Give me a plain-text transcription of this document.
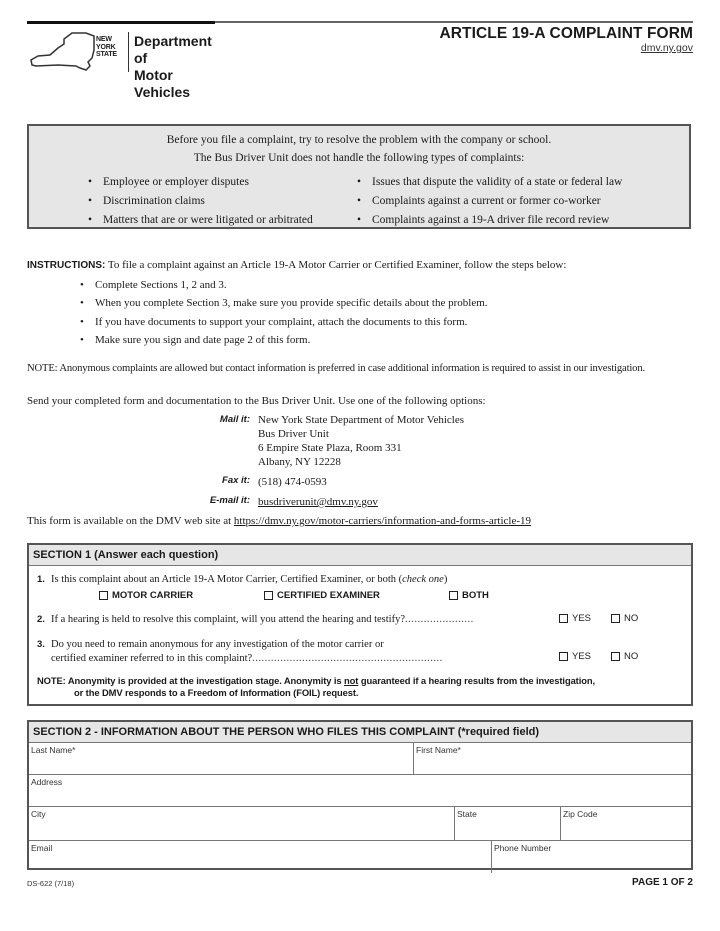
NEW
YORK
STATE
Department of
Motor Vehicles
ARTICLE 19-A COMPLAINT FORM
dmv.ny.gov
Before you file a complaint, try to resolve the problem with the company or school.
The Bus Driver Unit does not handle the following types of complaints:
• Employee or employer disputes
• Discrimination claims
• Matters that are or were litigated or arbitrated
• Issues that dispute the validity of a state or federal law
• Complaints against a current or former co-worker
• Complaints against a 19-A driver file record review
INSTRUCTIONS: To file a complaint against an Article 19-A Motor Carrier or Certified Examiner, follow the steps below:
• Complete Sections 1, 2 and 3.
• When you complete Section 3, make sure you provide specific details about the problem.
• If you have documents to support your complaint, attach the documents to this form.
• Make sure you sign and date page 2 of this form.
NOTE: Anonymous complaints are allowed but contact information is preferred in case additional information is required to assist in our investigation.
Send your completed form and documentation to the Bus Driver Unit. Use one of the following options:
Mail it: New York State Department of Motor Vehicles
Bus Driver Unit
6 Empire State Plaza, Room 331
Albany, NY 12228
Fax it: (518) 474-0593
E-mail it: busdriverunit@dmv.ny.gov
This form is available on the DMV web site at https://dmv.ny.gov/motor-carriers/information-and-forms-article-19
SECTION 1 (Answer each question)
1. Is this complaint about an Article 19-A Motor Carrier, Certified Examiner, or both (check one)
MOTOR CARRIER	CERTIFIED EXAMINER	BOTH
2. If a hearing is held to resolve this complaint, will you attend the hearing and testify?......................	YES	NO
3. Do you need to remain anonymous for any investigation of the motor carrier or
certified examiner referred to in this complaint?.............................................................	YES	NO
NOTE: Anonymity is provided at the investigation stage. Anonymity is not guaranteed if a hearing results from the investigation,
or the DMV responds to a Freedom of Information (FOIL) request.
SECTION 2 - INFORMATION ABOUT THE PERSON WHO FILES THIS COMPLAINT (*required field)
Last Name*	First Name*
Address
City	State	Zip Code
Email	Phone Number
DS-622 (7/18)	PAGE 1 OF 2
